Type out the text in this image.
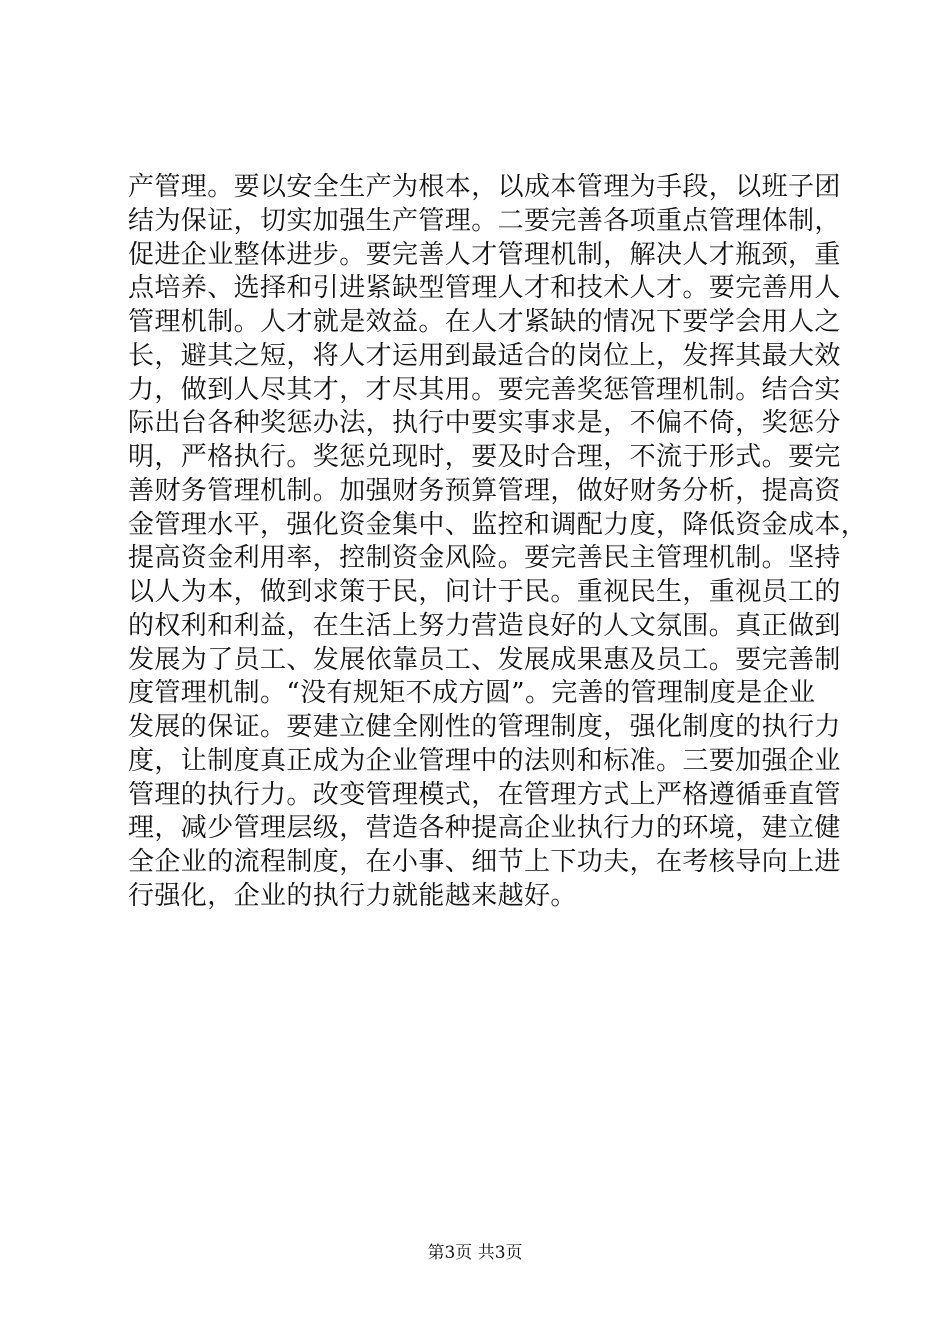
产管理。要以安全生产为根本，以成本管理为手段，以班子团
结为保证，切实加强生产管理。二要完善各项重点管理体制，
促进企业整体进步。要完善人才管理机制，解决人才瓶颈，重
点培养、选择和引进紧缺型管理人才和技术人才。要完善用人
管理机制。人才就是效益。在人才紧缺的情况下要学会用人之
长，避其之短，将人才运用到最适合的岗位上，发挥其最大效
力，做到人尽其才，才尽其用。要完善奖惩管理机制。结合实
际出台各种奖惩办法，执行中要实事求是，不偏不倚，奖惩分
明，严格执行。奖惩兑现时，要及时合理，不流于形式。要完
善财务管理机制。加强财务预算管理，做好财务分析，提高资
金管理水平，强化资金集中、监控和调配力度，降低资金成本，
提高资金利用率，控制资金风险。要完善民主管理机制。坚持
以人为本，做到求策于民，问计于民。重视民生，重视员工的
的权利和利益，在生活上努力营造良好的人文氛围。真正做到
发展为了员工、发展依靠员工、发展成果惠及员工。要完善制
度管理机制。“没有规矩不成方圆”。完善的管理制度是企业
发展的保证。要建立健全刚性的管理制度，强化制度的执行力
度，让制度真正成为企业管理中的法则和标准。三要加强企业
管理的执行力。改变管理模式，在管理方式上严格遵循垂直管
理，减少管理层级，营造各种提高企业执行力的环境，建立健
全企业的流程制度，在小事、细节上下功夫，在考核导向上进
行强化，企业的执行力就能越来越好。
第3页 共3页
